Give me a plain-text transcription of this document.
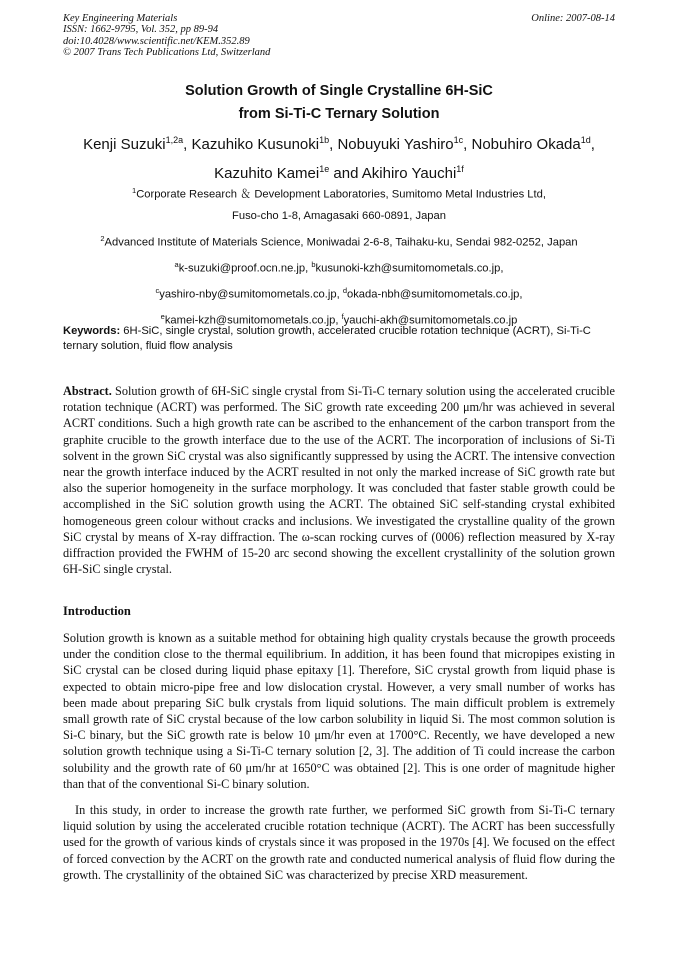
Key Engineering Materials
ISSN: 1662-9795, Vol. 352, pp 89-94
doi:10.4028/www.scientific.net/KEM.352.89
© 2007 Trans Tech Publications Ltd, Switzerland
Online: 2007-08-14
Solution Growth of Single Crystalline 6H-SiC
from Si-Ti-C Ternary Solution
Kenji Suzuki$^{1,2a}$, Kazuhiko Kusunoki$^{1b}$, Nobuyuki Yashiro$^{1c}$, Nobuhiro Okada$^{1d}$,
Kazuhito Kamei$^{1e}$ and Akihiro Yauchi$^{1f}$
$^1$Corporate Research ＆ Development Laboratories, Sumitomo Metal Industries Ltd,
Fuso-cho 1-8, Amagasaki 660-0891, Japan
$^2$Advanced Institute of Materials Science, Moniwadai 2-6-8, Taihaku-ku, Sendai 982-0252, Japan
$^a$k-suzuki@proof.ocn.ne.jp, $^b$kusunoki-kzh@sumitomometals.co.jp,
$^c$yashiro-nby@sumitomometals.co.jp, $^d$okada-nbh@sumitomometals.co.jp,
$^e$kamei-kzh@sumitomometals.co.jp, $^f$yauchi-akh@sumitomometals.co.jp
Keywords: 6H-SiC, single crystal, solution growth, accelerated crucible rotation technique (ACRT), Si-Ti-C ternary solution, fluid flow analysis
Abstract. Solution growth of 6H-SiC single crystal from Si-Ti-C ternary solution using the accelerated crucible rotation technique (ACRT) was performed. The SiC growth rate exceeding 200 μm/hr was achieved in several ACRT conditions. Such a high growth rate can be ascribed to the enhancement of the carbon transport from the graphite crucible to the growth interface due to the use of the ACRT. The incorporation of inclusions of Si-Ti solvent in the grown SiC crystal was also significantly suppressed by using the ACRT. The intensive convection near the growth interface induced by the ACRT resulted in not only the marked increase of SiC growth rate but also the superior homogeneity in the surface morphology. It was concluded that faster stable growth could be accomplished in the SiC solution growth using the ACRT. The obtained SiC self-standing crystal exhibited homogeneous green colour without cracks and inclusions. We investigated the crystalline quality of the grown SiC crystal by means of X-ray diffraction. The ω-scan rocking curves of (0006) reflection measured by X-ray diffraction provided the FWHM of 15-20 arc second showing the excellent crystallinity of the solution grown 6H-SiC single crystal.
Introduction
Solution growth is known as a suitable method for obtaining high quality crystals because the growth proceeds under the condition close to the thermal equilibrium. In addition, it has been found that micropipes existing in SiC crystal can be closed during liquid phase epitaxy [1]. Therefore, SiC crystal growth from liquid phase is expected to obtain micro-pipe free and low dislocation crystal. However, a very small number of works has been made about preparing SiC bulk crystals from liquid solutions. The main difficult problem is extremely small growth rate of SiC crystal because of the low carbon solubility in liquid Si. The most common solution is Si-C binary, but the SiC growth rate is below 10 μm/hr even at 1700°C. Recently, we have developed a new solution growth technique using a Si-Ti-C ternary solution [2, 3]. The addition of Ti could increase the carbon solubility and the growth rate of 60 μm/hr at 1650°C was obtained [2]. This is one order of magnitude higher than that of the conventional Si-C binary solution.
In this study, in order to increase the growth rate further, we performed SiC growth from Si-Ti-C ternary liquid solution by using the accelerated crucible rotation technique (ACRT). The ACRT has been successfully used for the growth of various kinds of crystals since it was proposed in the 1970s [4]. We focused on the effect of forced convection by the ACRT on the growth rate and conducted numerical analysis of fluid flow during the growth. The crystallinity of the obtained SiC was characterized by precise XRD measurement.
